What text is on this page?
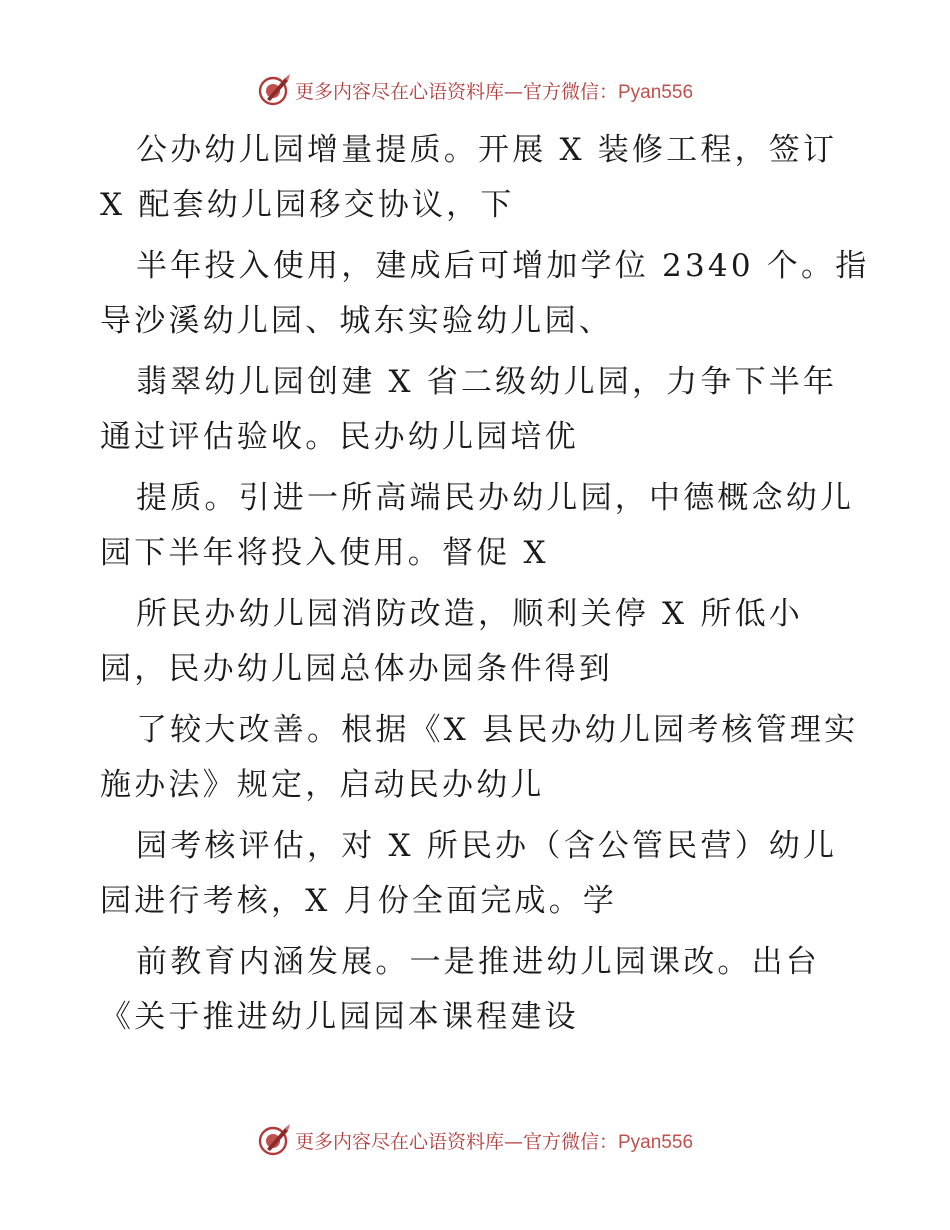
更多内容尽在心语资料库—官方微信：Pyan556
公办幼儿园增量提质。开展 X 装修工程，签订
X 配套幼儿园移交协议，下
半年投入使用，建成后可增加学位 2340 个。指
导沙溪幼儿园、城东实验幼儿园、
翡翠幼儿园创建 X 省二级幼儿园，力争下半年
通过评估验收。民办幼儿园培优
提质。引进一所高端民办幼儿园，中德概念幼儿
园下半年将投入使用。督促 X
所民办幼儿园消防改造，顺利关停 X 所低小
园，民办幼儿园总体办园条件得到
了较大改善。根据《X 县民办幼儿园考核管理实
施办法》规定，启动民办幼儿
园考核评估，对 X 所民办（含公管民营）幼儿
园进行考核，X 月份全面完成。学
前教育内涵发展。一是推进幼儿园课改。出台
《关于推进幼儿园园本课程建设
更多内容尽在心语资料库—官方微信：Pyan556
